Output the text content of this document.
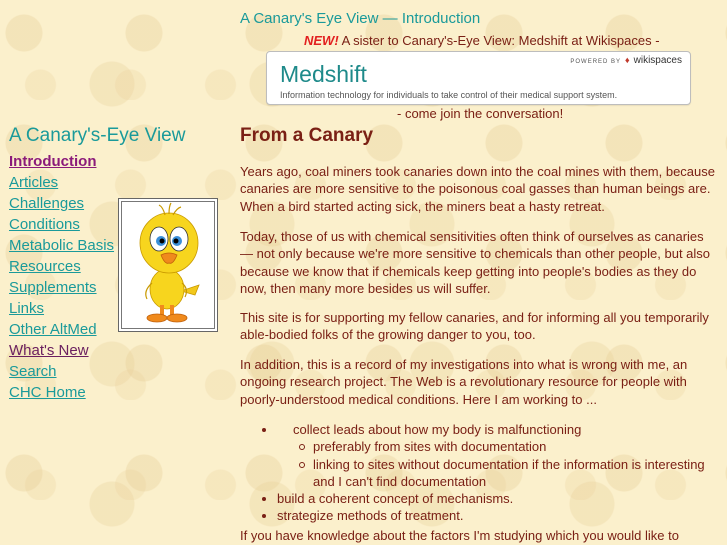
A Canary's Eye View — Introduction
NEW! A sister to Canary's-Eye View: Medshift at Wikispaces -
Medshift
Information technology for individuals to take control of their medical support system.
POWERED BY ♦ wikispaces
- come join the conversation!
A Canary's-Eye View
Introduction
Articles
Challenges
Conditions
Metabolic Basis
Resources
Supplements
Links
Other AltMed
What's New
Search
CHC Home
From a Canary

Years ago, coal miners took canaries down into the coal mines with them, because canaries are more sensitive to the poisonous coal gasses than human beings are. When a bird started acting sick, the miners beat a hasty retreat.

Today, those of us with chemical sensitivities often think of ourselves as canaries — not only because we're more sensitive to chemicals than other people, but also because we know that if chemicals keep getting into people's bodies as they do now, then many more besides us will suffer.

This site is for supporting my fellow canaries, and for informing all you temporarily able-bodied folks of the growing danger to you, too.

In addition, this is a record of my investigations into what is wrong with me, an ongoing research project. The Web is a revolutionary resource for people with poorly-understood medical conditions. Here I am working to ...

collect leads about how my body is malfunctioning
preferably from sites with documentation
linking to sites without documentation if the information is interesting and I can't find documentation
build a coherent concept of mechanisms.
strategize methods of treatment.

If you have knowledge about the factors I'm studying which you would like to
